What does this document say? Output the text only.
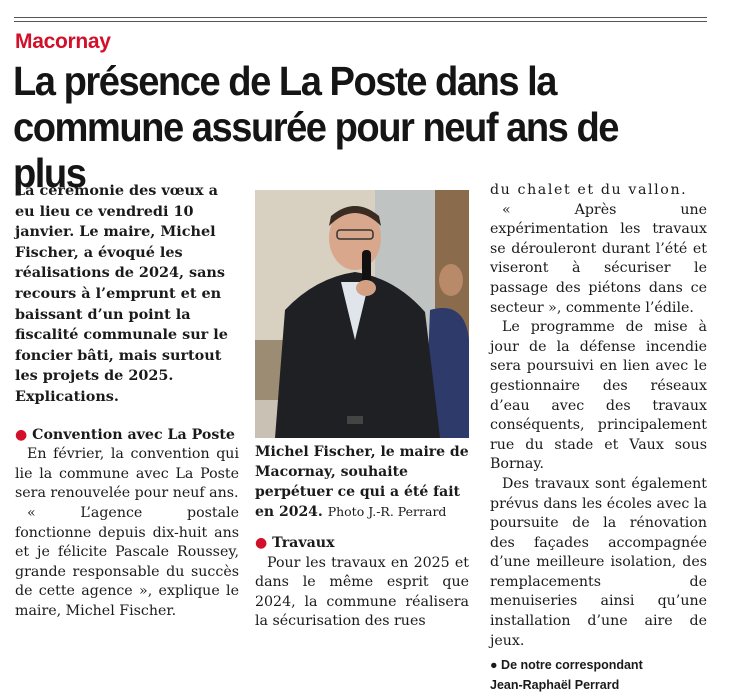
Macornay
La présence de La Poste dans la commune assurée pour neuf ans de plus

La cérémonie des vœux a eu lieu ce vendredi 10 janvier. Le maire, Michel Fischer, a évoqué les réalisations de 2024, sans recours à l’emprunt et en baissant d’un point la fiscalité communale sur le foncier bâti, mais surtout les projets de 2025. Explications.

● Convention avec La Poste

En février, la convention qui lie la commune avec La Poste sera renouvelée pour neuf ans.

« L’agence postale fonctionne depuis dix-huit ans et je félicite Pascale Roussey, grande responsable du succès de cette agence », explique le maire, Michel Fischer.

Michel Fischer, le maire de Macornay, souhaite perpétuer ce qui a été fait en 2024. Photo J.-R. Perrard

● Travaux

Pour les travaux en 2025 et dans le même esprit que 2024, la commune réalisera la sécurisation des rues

du chalet et du vallon.

« Après une expérimentation les travaux se dérouleront durant l’été et viseront à sécuriser le passage des piétons dans ce secteur », commente l’édile.

Le programme de mise à jour de la défense incendie sera poursuivi en lien avec le gestionnaire des réseaux d’eau avec des travaux conséquents, principalement rue du stade et Vaux sous Bornay.

Des travaux sont également prévus dans les écoles avec la poursuite de la rénovation des façades accompagnée d’une meilleure isolation, des remplacements de menuiseries ainsi qu’une installation d’une aire de jeux.

● De notre correspondant
Jean-Raphaël Perrard
